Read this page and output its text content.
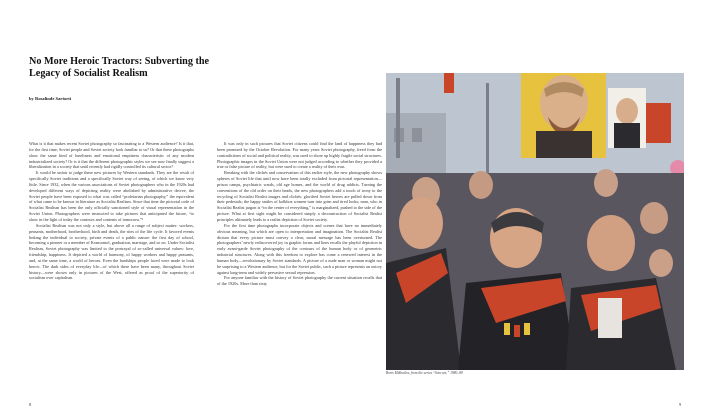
No More Heroic Tractors: Subverting the Legacy of Socialist Realism
by Rosalinde Sartorti

What is it that makes recent Soviet photography so fascinating to a Western audience? Is it that, for the first time, Soviet people and Soviet society look familiar to us? Or that these photographs show the same kind of loneliness and emotional emptiness characteristic of any modern industrialized society? Or is it that the different photographic styles we see now finally suggest a liberalization in a society that until recently had rigidly controlled its cultural sector?

It would be unfair to judge these new pictures by Western standards. They are the result of specifically Soviet traditions and a specifically Soviet way of seeing, of which we know very little. Since 1932, when the various associations of Soviet photographers who in the 1920s had developed different ways of depicting reality were abolished by administrative decree, the Soviet people have been exposed to what was called “proletarian photography,” the equivalent of what came to be known in literature as Socialist Realism. Since that time the pictorial code of Socialist Realism has been the only officially sanctioned style of visual representation in the Soviet Union. Photographers were instructed to take pictures that anticipated the future, “to show in the light of today the contours and contents of tomorrow.”¹

Socialist Realism was not only a style, but above all a range of subject matter: workers, peasants, motherhood, brotherhood, birth and death, the rites of the life cycle. It favored events linking the individual to society, private events of a public nature: the first day of school, becoming a pioneer or a member of Komsomol, graduation, marriage, and so on. Under Socialist Realism, Soviet photography was limited to the portrayal of so-called universal values: love, friendship, happiness. It depicted a world of harmony, of happy workers and happy peasants, and, at the same time, a world of heroes. Even the hardships people faced were made to look heroic. The dark sides of everyday life—of which there have been many, throughout Soviet history—were shown only in pictures of the West, offered as proof of the superiority of socialism over capitalism.

It was only in such pictures that Soviet citizens could find the land of happiness they had been promised by the October Revolution. For many years Soviet photography, freed from the contradictions of social and political reality, was used to shore up highly fragile social structures. Photographic images in the Soviet Union were not judged according to whether they provided a true or false picture of reality, but were used to create a reality of their own.

Breaking with the clichés and conservatism of this earlier style, the new photography shows spheres of Soviet life that until now have been totally excluded from pictorial representation—prison camps, psychiatric wards, old age homes, and the world of drug addicts. Turning the conventions of the old order on their heads, the new photographers add a touch of irony to the recycling of Socialist Realist images and clichés: glorified Soviet heroes are pulled down from their pedestals; the happy smiles of kolkhoz women turn into grim and tired looks; man, who in Socialist Realist jargon is “in the center of everything,” is marginalized, pushed to the side of the picture. What at first sight might be considered simply a deconstruction of Socialist Realist principles ultimately leads to a realist depiction of Soviet society.

For the first time photographs incorporate objects and scenes that have no immediately obvious meaning, but which are open to interpretation and imagination. The Socialist Realist dictum that every picture must convey a clear, moral message has been overturned. The photographers’ newly rediscovered joy in graphic forms and lines recalls the playful depiction in early avant-garde Soviet photography of the contours of the human body or of geometric industrial structures. Along with this freedom to explore has come a renewed interest in the human body—revolutionary by Soviet standards. A picture of a nude man or woman might not be surprising to a Western audience, but for the Soviet public, such a picture represents an outcry against long-term and widely pervasive sexual repression.

For anyone familiar with the history of Soviet photography the current situation recalls that of the 1920s. More than sixty

Boris Mikhailov, from the series “Sots-art,” 1980–89
8	9
